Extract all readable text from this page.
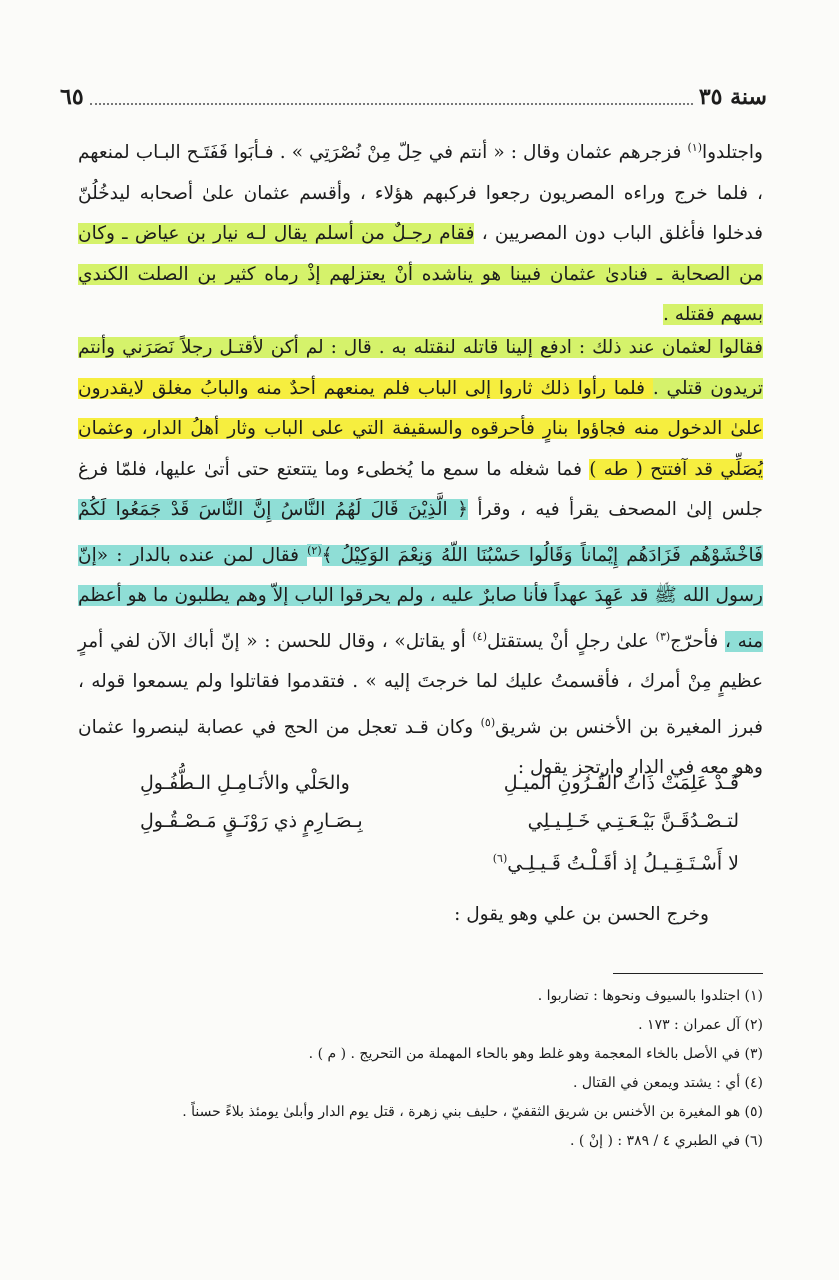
سنة ٣٥
٦٥

واجتلدوا$^{(١)}$ فزجرهم عثمان وقال : « أنتم في حِلّ مِنْ نُصْرَتِي » . فـأبَوا فَفَتَـح البـاب لمنعهم ، فلما خرج وراءه المصريون رجعوا فركبهم هؤلاء ، وأقسم عثمان علىٰ أصحابه ليدخُلُنّ فدخلوا فأغلق الباب دون المصريين ، فقام رجـلٌ من أسلم يقال لـه نيار بن عياض ـ وكان من الصحابة ـ فنادىٰ عثمان فبينا هو يناشده أنْ يعتزلهم إذْ رماه كثير بن الصلت الكندي بسهم فقتله .

فقالوا لعثمان عند ذلك : ادفع إلينا قاتله لنقتله به . قال : لم أكن لأقتـل رجلاً نَصَرَني وأنتم تريدون قتلي . فلما رأوا ذلك ثاروا إلى الباب فلم يمنعهم أحدٌ منه والبابُ مغلق لايقدرون علىٰ الدخول منه فجاؤوا بنارٍ فأحرقوه والسقيفة التي على الباب وثار أهلُ الدار، وعثمان يُصَلِّي قد آفتتح ( طه ) فما شغله ما سمع ما يُخطىء وما يتتعتع حتى أتىٰ عليها، فلمّا فرغ جلس إلىٰ المصحف يقرأ فيه ، وقرأ ﴿ الَّذِيْنَ قَالَ لَهُمُ النَّاسُ إِنَّ النَّاسَ قَدْ جَمَعُوا لَكُمْ فَاخْشَوْهُم فَزَادَهُم إِيْماناً وَقَالُوا حَسْبُنَا اللّهُ وَنِعْمَ الوَكِيْلُ ﴾$^{(٢)}$ فقال لمن عنده بالدار : «إنّ رسول الله ﷺ قد عَهِدَ عهداً فأنا صابرٌ عليه ، ولم يحرقوا الباب إلاّ وهم يطلبون ما هو أعظم منه ، فأحرّج$^{(٣)}$ علىٰ رجلٍ أنْ يستقتل$^{(٤)}$ أو يقاتل» ، وقال للحسن : « إنّ أباك الآن لفي أمرٍ عظيمٍ مِنْ أمرك ، فأقسمتُ عليك لما خرجتَ إليه » . فتقدموا فقاتلوا ولم يسمعوا قوله ، فبرز المغيرة بن الأخنس بن شريق$^{(٥)}$ وكان قـد تعجل من الحج في عصابة لينصروا عثمان وهو معه في الدار وارتجز يقول :

قَـدْ عَلِمَتْ ذَاتُ القُـرُونِ الميـلِ
والحَلْي والأنَـامِـلِ الـطُّفُـولِ
لتـصْـدُقَـنَّ بَيْـعَـتِـي خَـلِـيـلِي
بِـصَـارِمٍ ذي رَوْنَـقٍ مَـصْـقُـولِ
لا أَسْـتَـقِـيـلُ إذ أقَـلْـتُ قَـيـلِـي$^{(٦)}$
وخرج الحسن بن علي وهو يقول :
(١) اجتلدوا بالسيوف ونحوها : تضاربوا .
(٢) آل عمران : ١٧٣ .
(٣) في الأصل بالخاء المعجمة وهو غلط وهو بالحاء المهملة من التحريج . ( م ) .
(٤) أي : يشتد ويمعن في القتال .
(٥) هو المغيرة بن الأخنس بن شريق الثقفيّ ، حليف بني زهرة ، قتل يوم الدار وأبلىٰ يومئذ بلاءً حسناً .
(٦) في الطبري ٤ / ٣٨٩ : ( إنْ ) .
